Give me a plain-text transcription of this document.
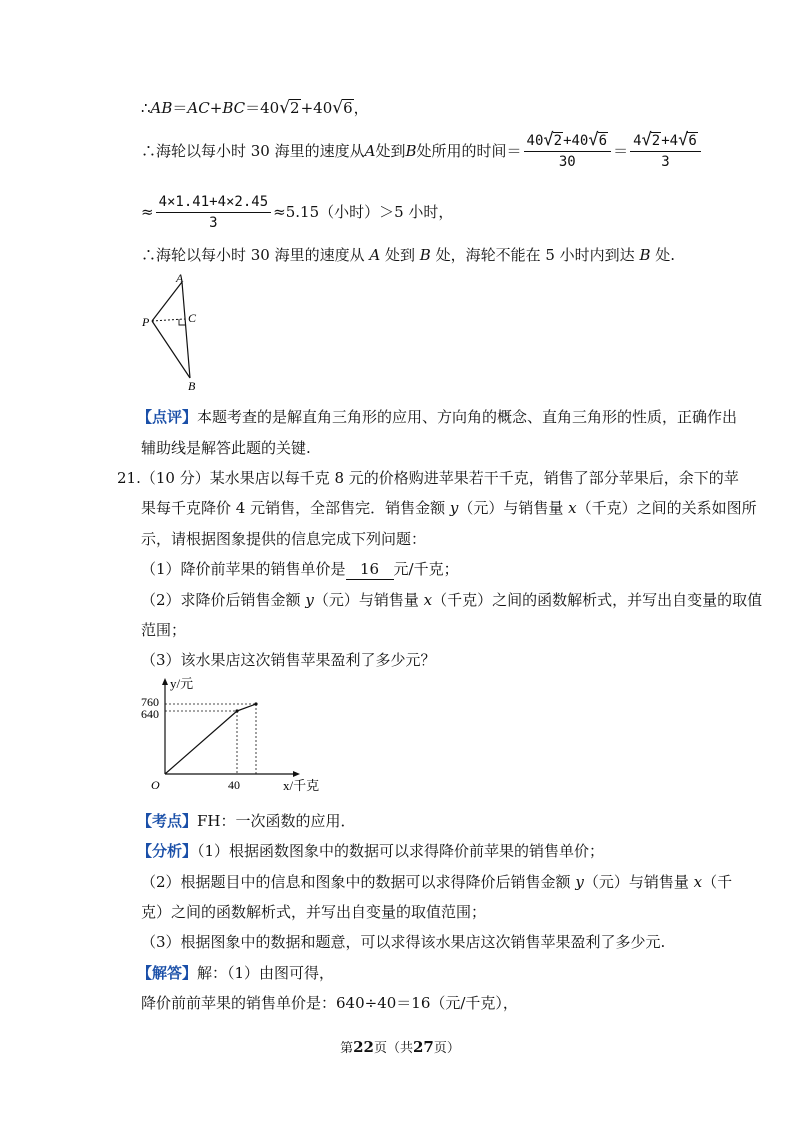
∴AB＝AC+BC＝40√2+40√6，
∴海轮以每小时 30 海里的速度从 A 处到 B 处所用的时间＝ $\frac{40√2+40√6}{30} = \frac{4√2+4√6}{3}$
≈ $\frac{4\times 1.41+4\times 2.45}{3} \approx 5.15$（小时）＞5 小时，
∴海轮以每小时 30 海里的速度从 A 处到 B 处，海轮不能在 5 小时内到达 B 处.
A
P	C
B
【点评】本题考查的是解直角三角形的应用、方向角的概念、直角三角形的性质，正确作出
辅助线是解答此题的关键.
21.（10 分）某水果店以每千克 8 元的价格购进苹果若干千克，销售了部分苹果后，余下的苹
果每千克降价 4 元销售，全部售完．销售金额 y（元）与销售量 x（千克）之间的关系如图所
示，请根据图象提供的信息完成下列问题：
（1）降价前苹果的销售单价是 16 元/千克；
（2）求降价后销售金额 y（元）与销售量 x（千克）之间的函数解析式，并写出自变量的取值
范围；
（3）该水果店这次销售苹果盈利了多少元？
y/元
760
640
O	40	x/千克
【考点】FH：一次函数的应用．
【分析】（1）根据函数图象中的数据可以求得降价前苹果的销售单价；
（2）根据题目中的信息和图象中的数据可以求得降价后销售金额 y（元）与销售量 x（千
克）之间的函数解析式，并写出自变量的取值范围；
（3）根据图象中的数据和题意，可以求得该水果店这次销售苹果盈利了多少元.
【解答】解：（1）由图可得，
降价前前苹果的销售单价是：640÷40＝16（元/千克），
第22页（共27页）
